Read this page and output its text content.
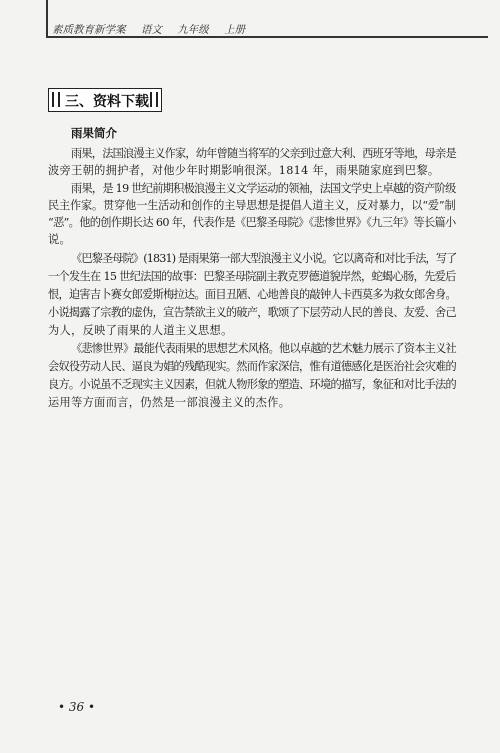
素质教育新学案 语文 九年级 上册
三、资料下载
雨果简介
雨果，法国浪漫主义作家，幼年曾随当将军的父亲到过意大利、西班牙等地，母亲是
波旁王朝的拥护者，对他少年时期影响很深。1814 年，雨果随家庭到巴黎。
雨果，是 19 世纪前期积极浪漫主义文学运动的领袖，法国文学史上卓越的资产阶级
民主作家。贯穿他一生活动和创作的主导思想是提倡人道主义，反对暴力，以“爱”制
“恶”。他的创作期长达 60 年，代表作是《巴黎圣母院》《悲惨世界》《九三年》等长篇小
说。
《巴黎圣母院》(1831) 是雨果第一部大型浪漫主义小说。它以离奇和对比手法，写了
一个发生在 15 世纪法国的故事：巴黎圣母院副主教克罗德道貌岸然，蛇蝎心肠，先爱后
恨，迫害吉卜赛女郎爱斯梅拉达。面目丑陋、心地善良的敲钟人卡西莫多为救女郎舍身。
小说揭露了宗教的虚伪，宣告禁欲主义的破产，歌颂了下层劳动人民的善良、友爱、舍己
为人，反映了雨果的人道主义思想。
《悲惨世界》最能代表雨果的思想艺术风格。他以卓越的艺术魅力展示了资本主义社
会奴役劳动人民、逼良为娼的残酷现实。然而作家深信，惟有道德感化是医治社会灾难的
良方。小说虽不乏现实主义因素，但就人物形象的塑造、环境的描写，象征和对比手法的
运用等方面而言，仍然是一部浪漫主义的杰作。
• 36 •
